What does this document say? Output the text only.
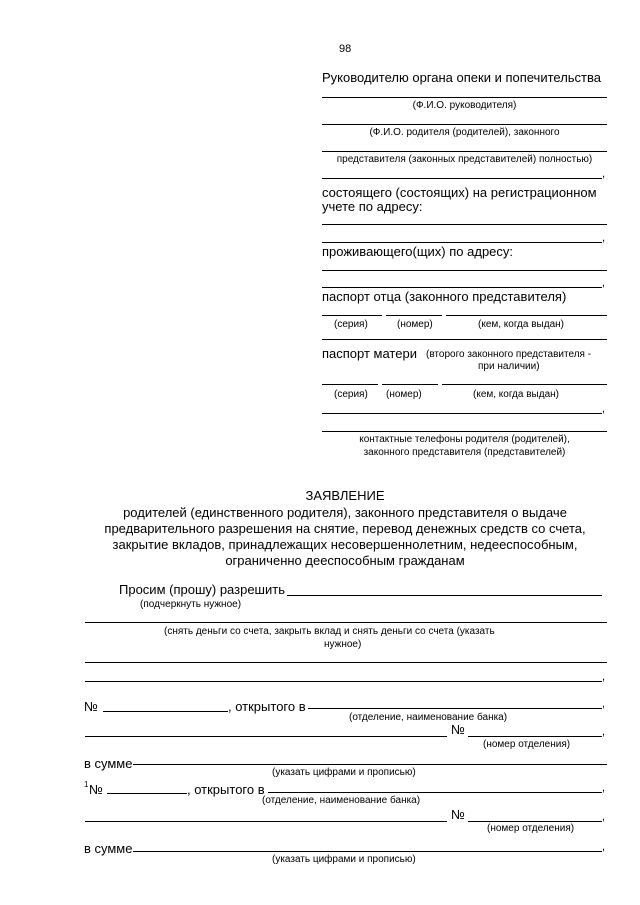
98
Руководителю органа опеки и попечительства
(Ф.И.О. руководителя)
(Ф.И.О. родителя (родителей), законного
представителя (законных представителей) полностью)
,
состоящего (состоящих) на регистрационном
учете по адресу:
,
проживающего(щих) по адресу:
,
паспорт отца (законного представителя)
(серия)	(номер)	(кем, когда выдан)
паспорт матери (второго законного представителя -
при наличии)
(серия) (номер)	(кем, когда выдан)
,
контактные телефоны родителя (родителей),
законного представителя (представителей)
ЗАЯВЛЕНИЕ
родителей (единственного родителя), законного представителя о выдаче
предварительного разрешения на снятие, перевод денежных средств со счета,
закрытие вкладов, принадлежащих несовершеннолетним, недееспособным,
ограниченно дееспособным гражданам
Просим (прошу) разрешить
(подчеркнуть нужное)
(снять деньги со счета, закрыть вклад и снять деньги со счета (указать
нужное)
,
№	, открытого в	,
(отделение, наименование банка)
№	,
(номер отделения)
в сумме
(указать цифрами и прописью)
1 №	, открытого в	,
(отделение, наименование банка)
№	,
(номер отделения)
в сумме	,
(указать цифрами и прописью)
